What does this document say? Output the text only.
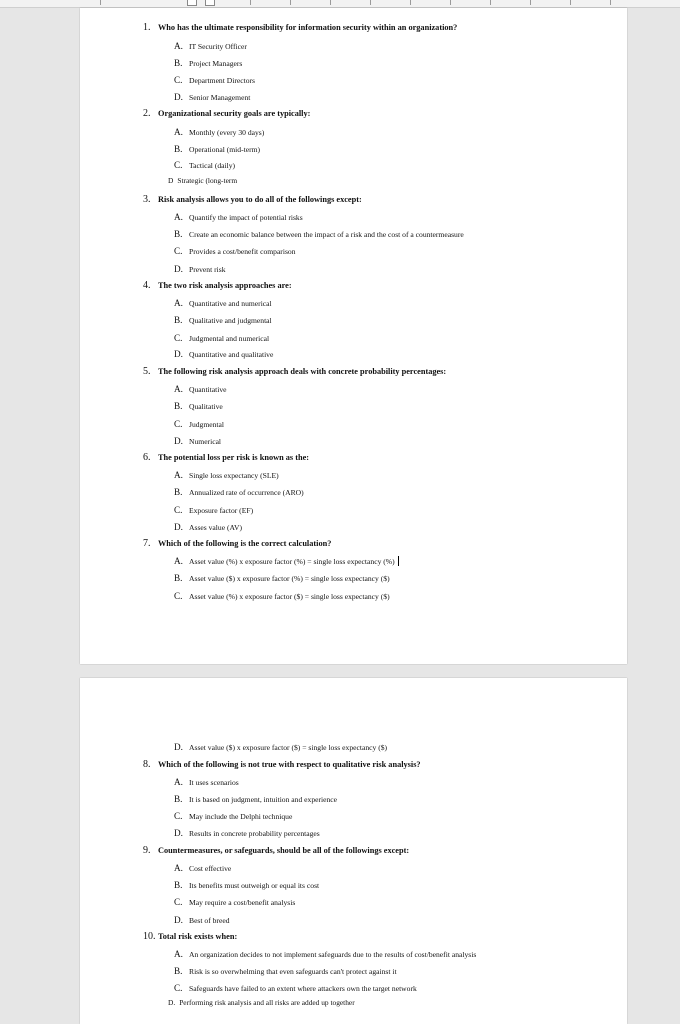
1. Who has the ultimate responsibility for information security within an organization?
A. IT Security Officer
B. Project Managers
C. Department Directors
D. Senior Management
2. Organizational security goals are typically:
A. Monthly (every 30 days)
B. Operational (mid-term)
C. Tactical (daily)
D Strategic (long-term
3. Risk analysis allows you to do all of the followings except:
A. Quantify the impact of potential risks
B. Create an economic balance between the impact of a risk and the cost of a countermeasure
C. Provides a cost/benefit comparison
D. Prevent risk
4. The two risk analysis approaches are:
A. Quantitative and numerical
B. Qualitative and judgmental
C. Judgmental and numerical
D. Quantitative and qualitative
5. The following risk analysis approach deals with concrete probability percentages:
A. Quantitative
B. Qualitative
C. Judgmental
D. Numerical
6. The potential loss per risk is known as the:
A. Single loss expectancy (SLE)
B. Annualized rate of occurrence (ARO)
C. Exposure factor (EF)
D. Asses value (AV)
7. Which of the following is the correct calculation?
A. Asset value (%) x exposure factor (%) = single loss expectancy (%)
B. Asset value ($) x exposure factor (%) = single loss expectancy ($)
C. Asset value (%) x exposure factor ($) = single loss expectancy ($)
D. Asset value ($) x exposure factor ($) = single loss expectancy ($)
8. Which of the following is not true with respect to qualitative risk analysis?
A. It uses scenarios
B. It is based on judgment, intuition and experience
C. May include the Delphi technique
D. Results in concrete probability percentages
9. Countermeasures, or safeguards, should be all of the followings except:
A. Cost effective
B. Its benefits must outweigh or equal its cost
C. May require a cost/benefit analysis
D. Best of breed
10. Total risk exists when:
A. An organization decides to not implement safeguards due to the results of cost/benefit analysis
B. Risk is so overwhelming that even safeguards can't protect against it
C. Safeguards have failed to an extent where attackers own the target network
D. Performing risk analysis and all risks are added up together
